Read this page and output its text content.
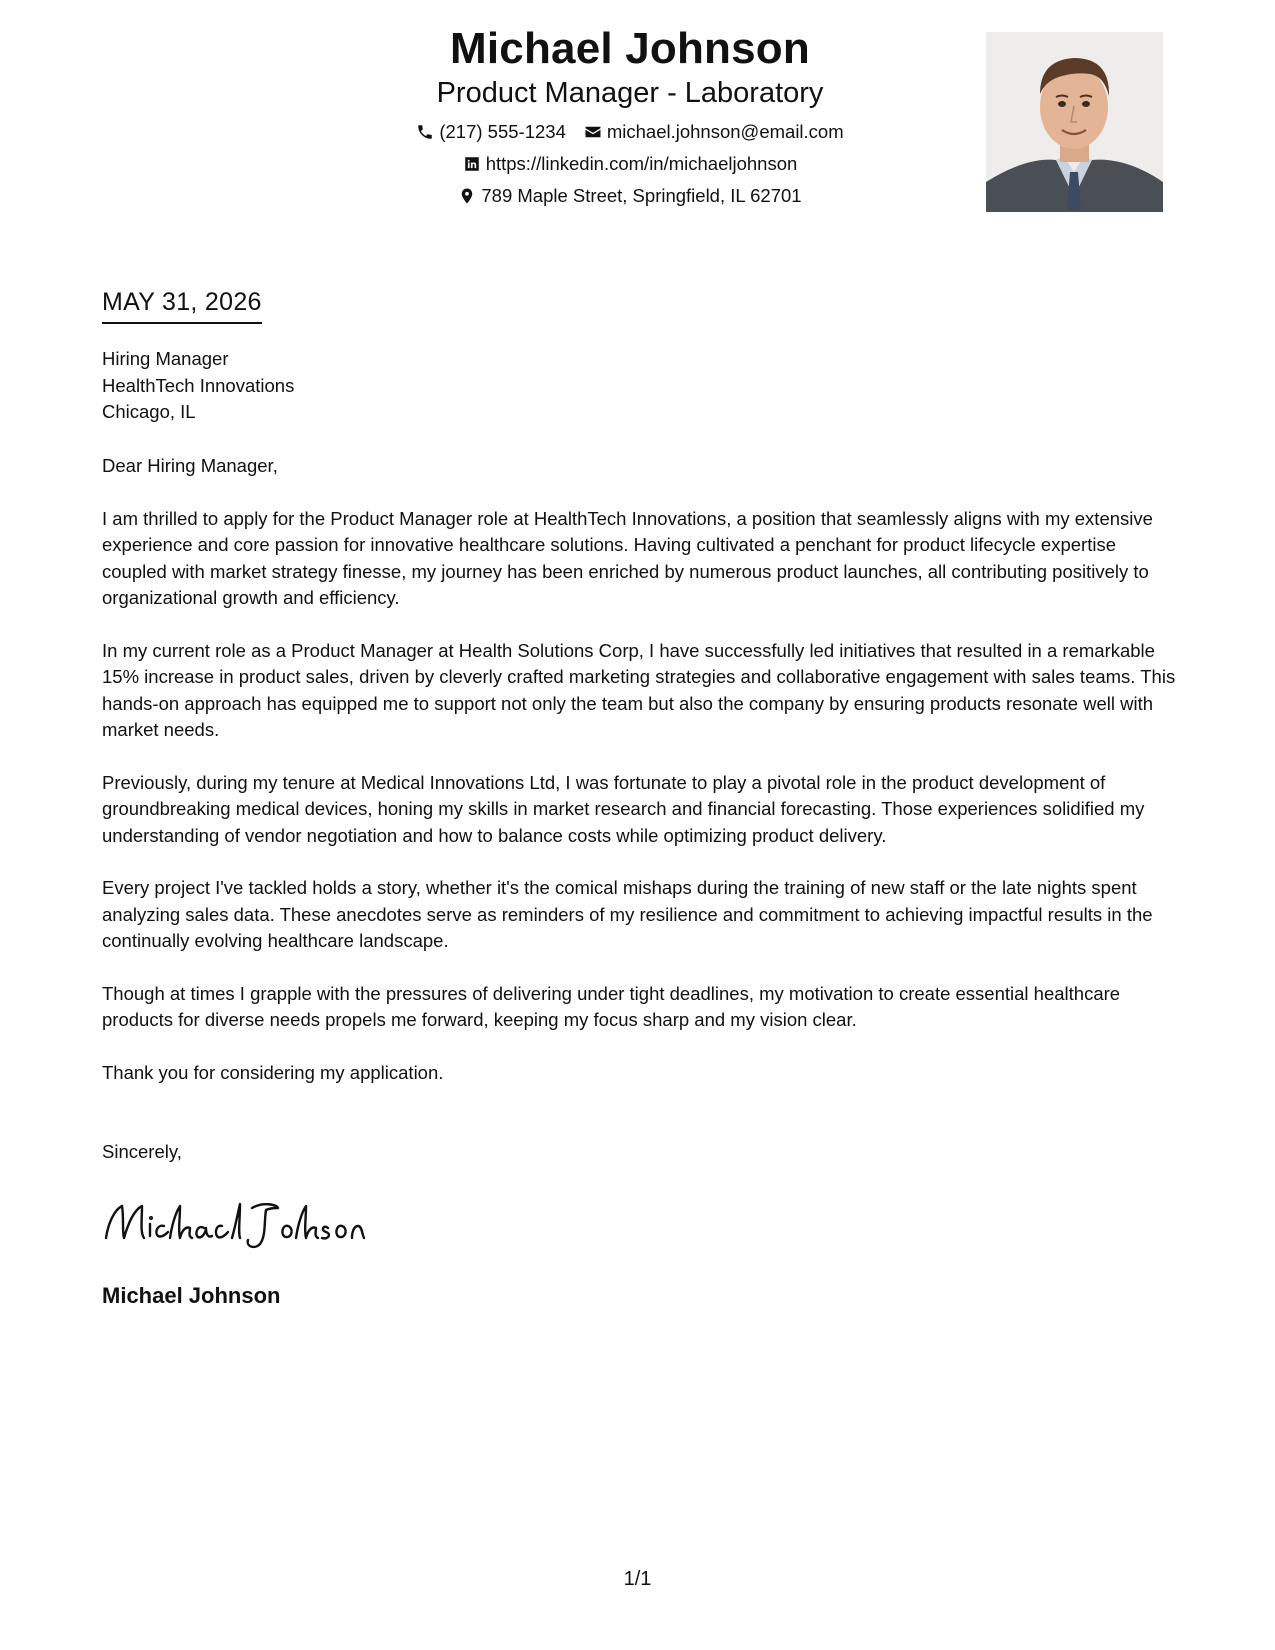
Michael Johnson
Product Manager - Laboratory
(217) 555-1234 michael.johnson@email.com
https://linkedin.com/in/michaeljohnson
789 Maple Street, Springfield, IL 62701
MAY 31, 2026
Hiring Manager
HealthTech Innovations
Chicago, IL

Dear Hiring Manager,

I am thrilled to apply for the Product Manager role at HealthTech Innovations, a position that seamlessly aligns with my extensive experience and core passion for innovative healthcare solutions. Having cultivated a penchant for product lifecycle expertise coupled with market strategy finesse, my journey has been enriched by numerous product launches, all contributing positively to organizational growth and efficiency.

In my current role as a Product Manager at Health Solutions Corp, I have successfully led initiatives that resulted in a remarkable 15% increase in product sales, driven by cleverly crafted marketing strategies and collaborative engagement with sales teams. This hands-on approach has equipped me to support not only the team but also the company by ensuring products resonate well with market needs.

Previously, during my tenure at Medical Innovations Ltd, I was fortunate to play a pivotal role in the product development of groundbreaking medical devices, honing my skills in market research and financial forecasting. Those experiences solidified my understanding of vendor negotiation and how to balance costs while optimizing product delivery.

Every project I've tackled holds a story, whether it's the comical mishaps during the training of new staff or the late nights spent analyzing sales data. These anecdotes serve as reminders of my resilience and commitment to achieving impactful results in the continually evolving healthcare landscape.

Though at times I grapple with the pressures of delivering under tight deadlines, my motivation to create essential healthcare products for diverse needs propels me forward, keeping my focus sharp and my vision clear.

Thank you for considering my application.

Sincerely,
Michael Johnson
1/1
